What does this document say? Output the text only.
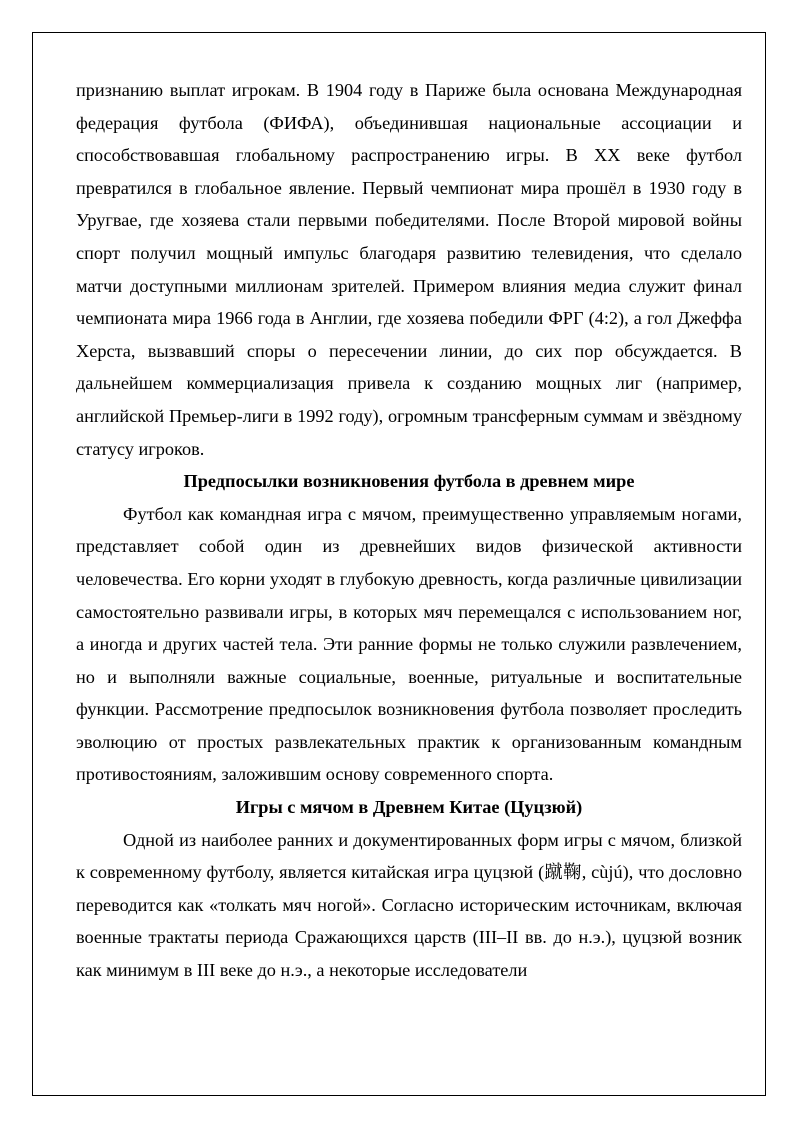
признанию выплат игрокам. В 1904 году в Париже была основана Международная федерация футбола (ФИФА), объединившая национальные ассоциации и способствовавшая глобальному распространению игры. В XX веке футбол превратился в глобальное явление. Первый чемпионат мира прошёл в 1930 году в Уругвае, где хозяева стали первыми победителями. После Второй мировой войны спорт получил мощный импульс благодаря развитию телевидения, что сделало матчи доступными миллионам зрителей. Примером влияния медиа служит финал чемпионата мира 1966 года в Англии, где хозяева победили ФРГ (4:2), а гол Джеффа Херста, вызвавший споры о пересечении линии, до сих пор обсуждается. В дальнейшем коммерциализация привела к созданию мощных лиг (например, английской Премьер-лиги в 1992 году), огромным трансферным суммам и звёздному статусу игроков.

Предпосылки возникновения футбола в древнем мире

Футбол как командная игра с мячом, преимущественно управляемым ногами, представляет собой один из древнейших видов физической активности человечества. Его корни уходят в глубокую древность, когда различные цивилизации самостоятельно развивали игры, в которых мяч перемещался с использованием ног, а иногда и других частей тела. Эти ранние формы не только служили развлечением, но и выполняли важные социальные, военные, ритуальные и воспитательные функции. Рассмотрение предпосылок возникновения футбола позволяет проследить эволюцию от простых развлекательных практик к организованным командным противостояниям, заложившим основу современного спорта.

Игры с мячом в Древнем Китае (Цуцзюй)

Одной из наиболее ранних и документированных форм игры с мячом, близкой к современному футболу, является китайская игра цуцзюй (蹴鞠, cùjú), что дословно переводится как «толкать мяч ногой». Согласно историческим источникам, включая военные трактаты периода Сражающихся царств (III–II вв. до н.э.), цуцзюй возник как минимум в III веке до н.э., а некоторые исследователи
